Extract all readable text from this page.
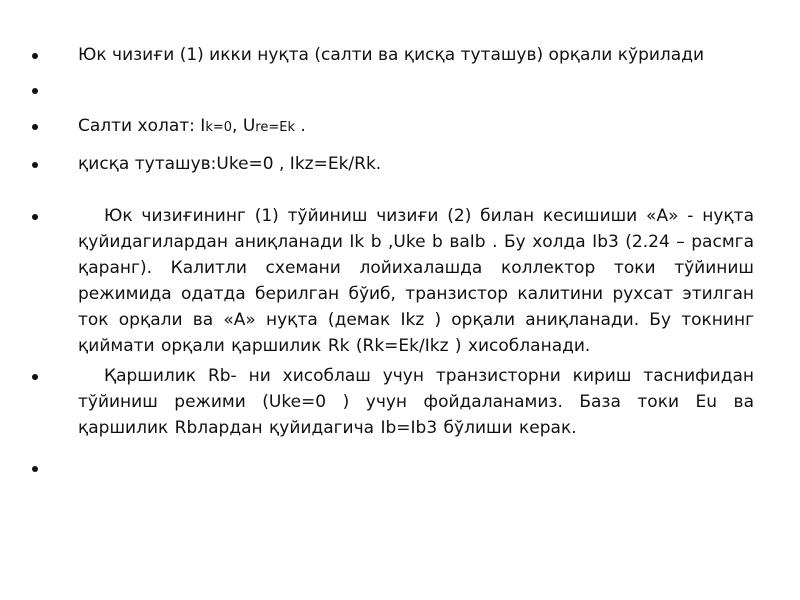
Юк чизиғи (1) икки нуқта (салти ва қисқа туташув) орқали кўрилади
Салти холат: Ik=0, Ure=Ek .
қисқа туташув:Uke=0 , Ikz=Ek/Rk.
Юк чизиғининг (1) тўйиниш чизиғи (2) билан кесишиши «А» - нуқта қуйидагилардан аниқланади Ik b ,Uke b вaIb . Бу холда Ib3 (2.24 – расмга қаранг). Калитли схемани лойихалашда коллектор токи тўйиниш режимида одатда берилган бўиб, транзистор калитини рухсат этилган ток орқали ва «А» нуқта (демак Ikz ) орқали аниқланади. Бу токнинг қиймати орқали қаршилик Rk (Rk=Ek/Ikz ) хисобланади.
Қаршилик Rb- ни хисоблаш учун транзисторни кириш таснифидан тўйиниш режими (Uke=0 ) учун фойдаланамиз. База токи Eu ва қаршилик Rbлардан қуйидагича Ib=Ib3 бўлиши керак.
